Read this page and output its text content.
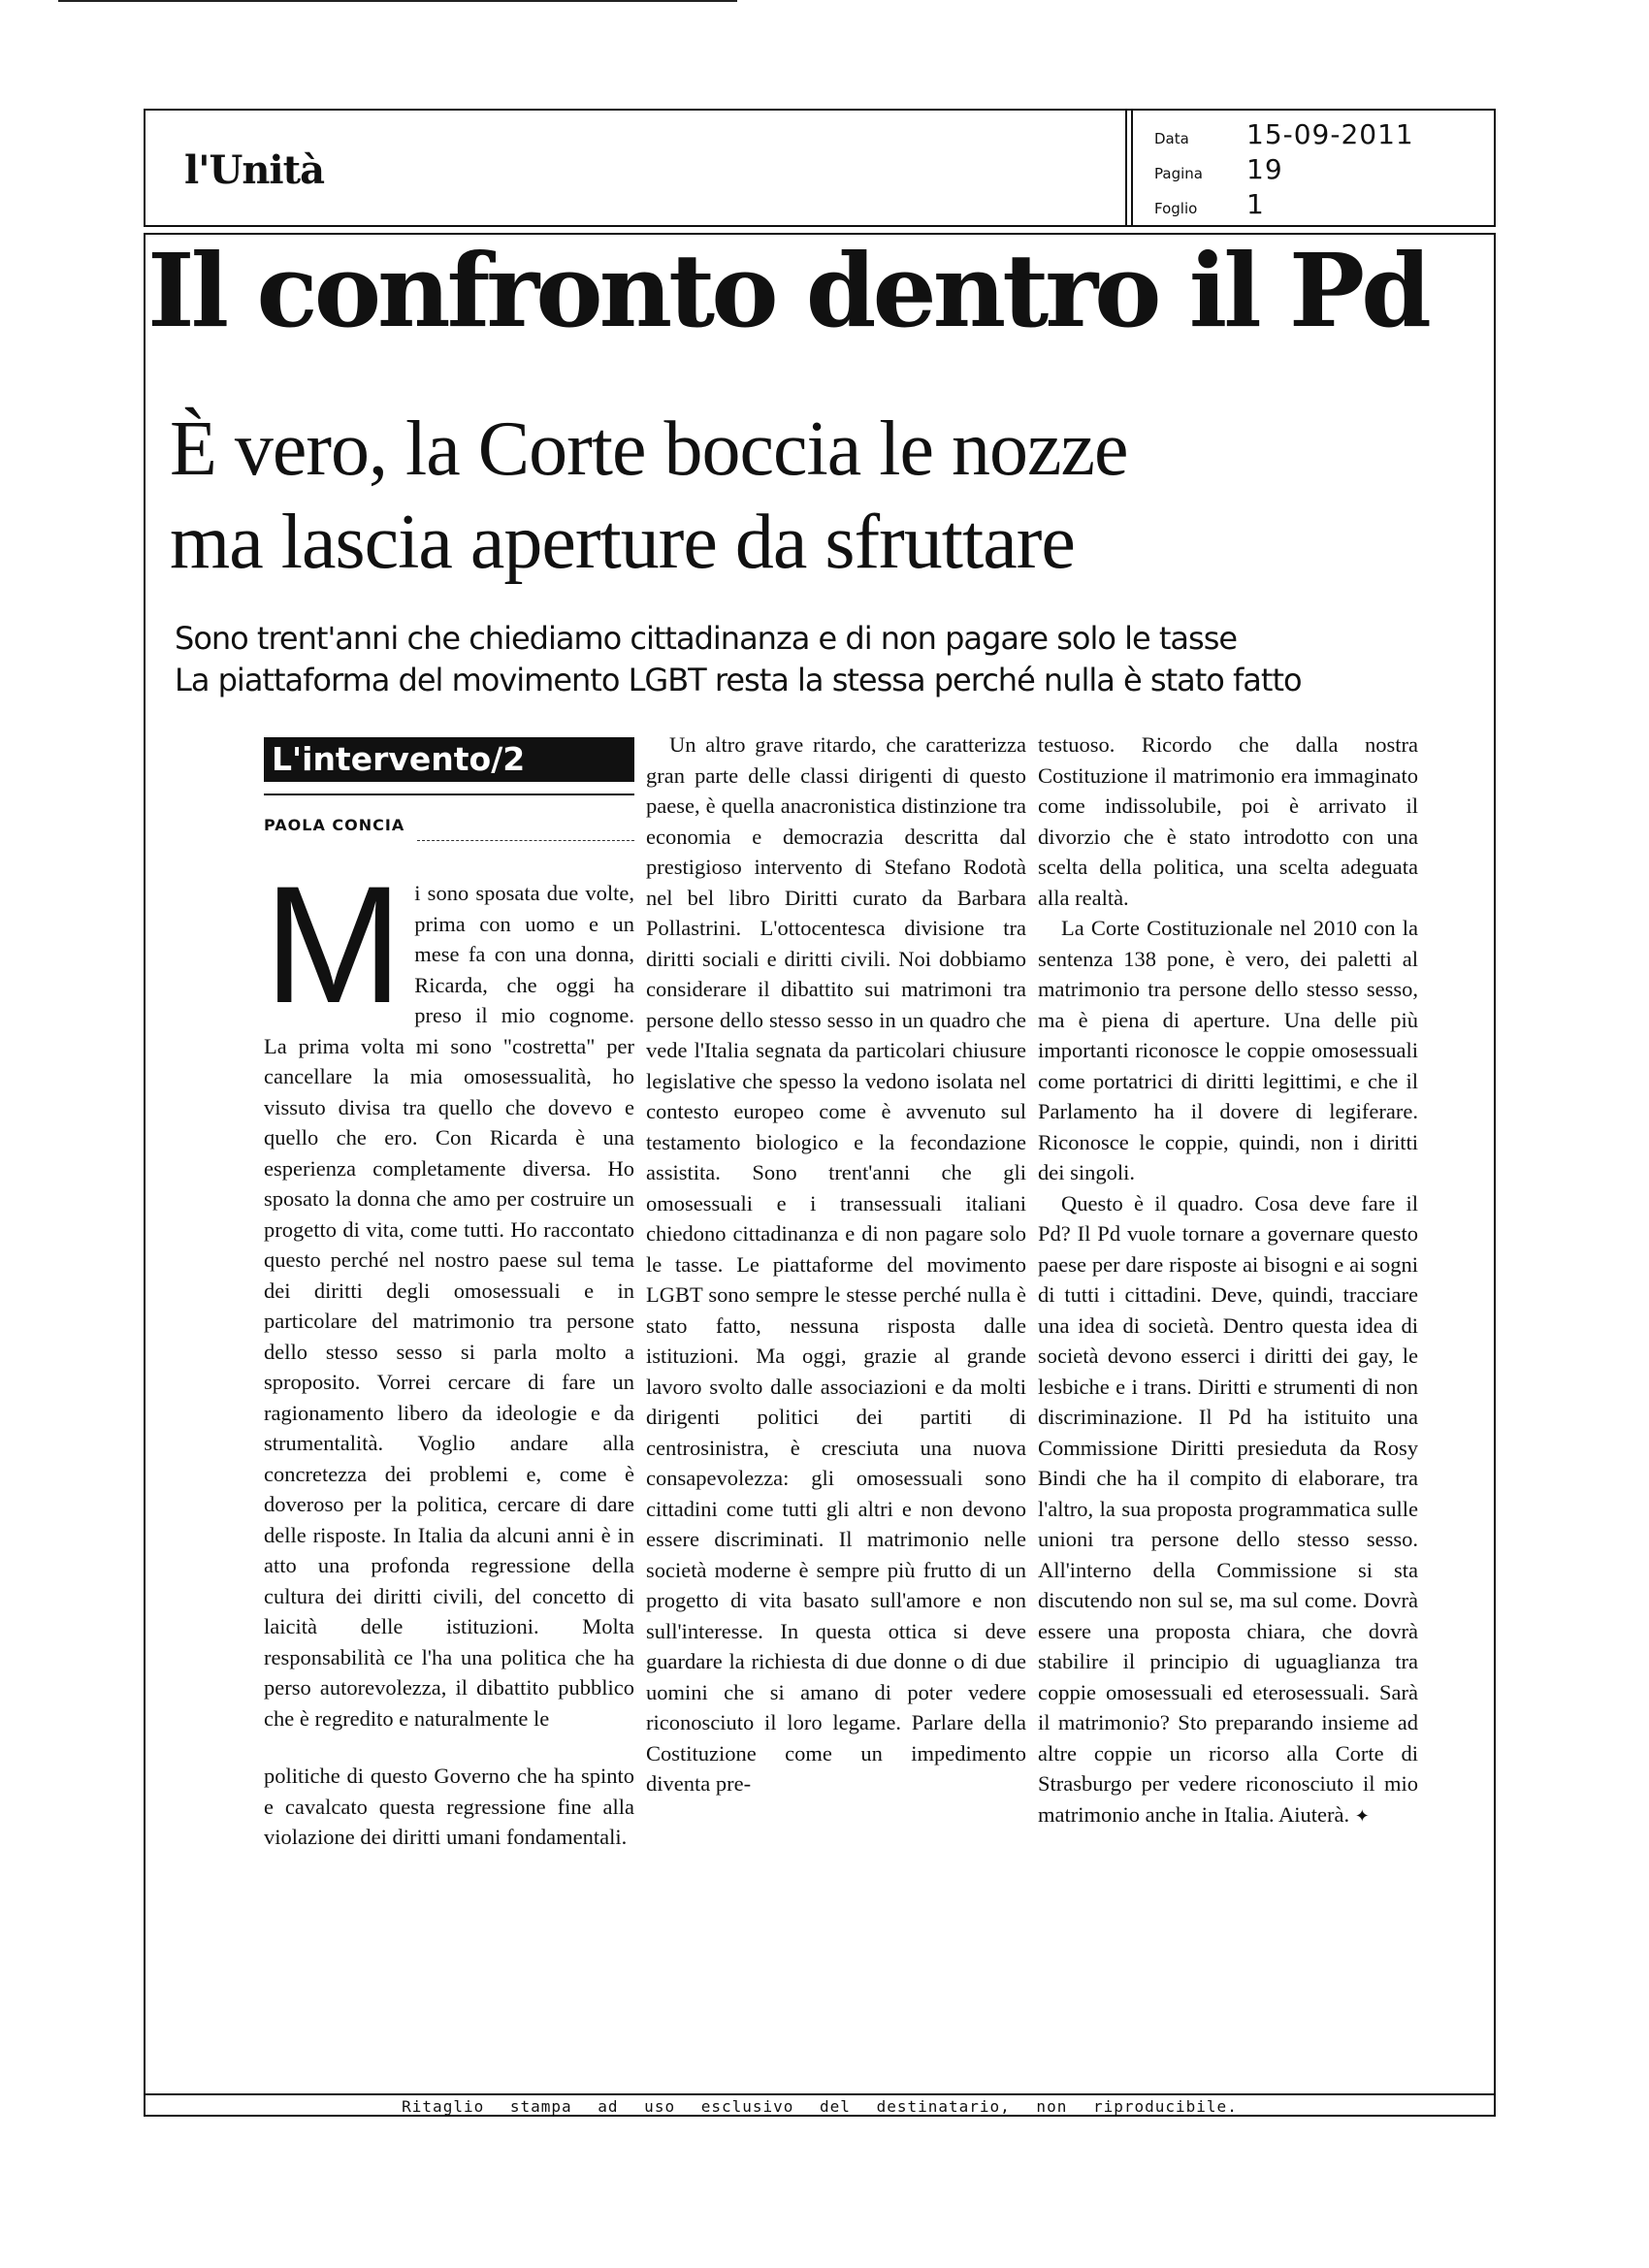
l'Unità
Data	15-09-2011
Pagina	19
Foglio	1
Il confronto dentro il Pd
È vero, la Corte boccia le nozze
ma lascia aperture da sfruttare
Sono trent'anni che chiediamo cittadinanza e di non pagare solo le tasse
La piattaforma del movimento LGBT resta la stessa perché nulla è stato fatto
L'intervento/2
PAOLA CONCIA
M i sono sposata due volte, prima con uomo e un mese fa con una donna, Ricarda, che oggi ha preso il mio cognome. La prima volta mi sono "costretta" per cancellare la mia omosessualità, ho vissuto divisa tra quello che dovevo e quello che ero. Con Ricarda è una esperienza completamente diversa. Ho sposato la donna che amo per costruire un progetto di vita, come tutti. Ho raccontato questo perché nel nostro paese sul tema dei diritti degli omosessuali e in particolare del matrimonio tra persone dello stesso sesso si parla molto a sproposito. Vorrei cercare di fare un ragionamento libero da ideologie e da strumentalità. Voglio andare alla concretezza dei problemi e, come è doveroso per la politica, cercare di dare delle risposte. In Italia da alcuni anni è in atto una profonda regressione della cultura dei diritti civili, del concetto di laicità delle istituzioni. Molta responsabilità ce l'ha una politica che ha perso autorevolezza, il dibattito pubblico che è regredito e naturalmente le

politiche di questo Governo che ha spinto e cavalcato questa regressione fine alla violazione dei diritti umani fondamentali.

Un altro grave ritardo, che caratterizza gran parte delle classi dirigenti di questo paese, è quella anacronistica distinzione tra economia e democrazia descritta dal prestigioso intervento di Stefano Rodotà nel bel libro Diritti curato da Barbara Pollastrini. L'ottocentesca divisione tra diritti sociali e diritti civili. Noi dobbiamo considerare il dibattito sui matrimoni tra persone dello stesso sesso in un quadro che vede l'Italia segnata da particolari chiusure legislative che spesso la vedono isolata nel contesto europeo come è avvenuto sul testamento biologico e la fecondazione assistita. Sono trent'anni che gli omosessuali e i transessuali italiani chiedono cittadinanza e di non pagare solo le tasse. Le piattaforme del movimento LGBT sono sempre le stesse perché nulla è stato fatto, nessuna risposta dalle istituzioni. Ma oggi, grazie al grande lavoro svolto dalle associazioni e da molti dirigenti politici dei partiti di centrosinistra, è cresciuta una nuova consapevolezza: gli omosessuali sono cittadini come tutti gli altri e non devono essere discriminati. Il matrimonio nelle società moderne è sempre più frutto di un progetto di vita basato sull'amore e non sull'interesse. In questa ottica si deve guardare la richiesta di due donne o di due uomini che si amano di poter vedere riconosciuto il loro legame. Parlare della Costituzione come un impedimento diventa pre-

testuoso. Ricordo che dalla nostra Costituzione il matrimonio era immaginato come indissolubile, poi è arrivato il divorzio che è stato introdotto con una scelta della politica, una scelta adeguata alla realtà.

La Corte Costituzionale nel 2010 con la sentenza 138 pone, è vero, dei paletti al matrimonio tra persone dello stesso sesso, ma è piena di aperture. Una delle più importanti riconosce le coppie omosessuali come portatrici di diritti legittimi, e che il Parlamento ha il dovere di legiferare. Riconosce le coppie, quindi, non i diritti dei singoli.

Questo è il quadro. Cosa deve fare il Pd? Il Pd vuole tornare a governare questo paese per dare risposte ai bisogni e ai sogni di tutti i cittadini. Deve, quindi, tracciare una idea di società. Dentro questa idea di società devono esserci i diritti dei gay, le lesbiche e i trans. Diritti e strumenti di non discriminazione. Il Pd ha istituito una Commissione Diritti presieduta da Rosy Bindi che ha il compito di elaborare, tra l'altro, la sua proposta programmatica sulle unioni tra persone dello stesso sesso. All'interno della Commissione si sta discutendo non sul se, ma sul come. Dovrà essere una proposta chiara, che dovrà stabilire il principio di uguaglianza tra coppie omosessuali ed eterosessuali. Sarà il matrimonio? Sto preparando insieme ad altre coppie un ricorso alla Corte di Strasburgo per vedere riconosciuto il mio matrimonio anche in Italia. Aiuterà. ✦

Ritaglio stampa ad uso esclusivo del destinatario, non riproducibile.
